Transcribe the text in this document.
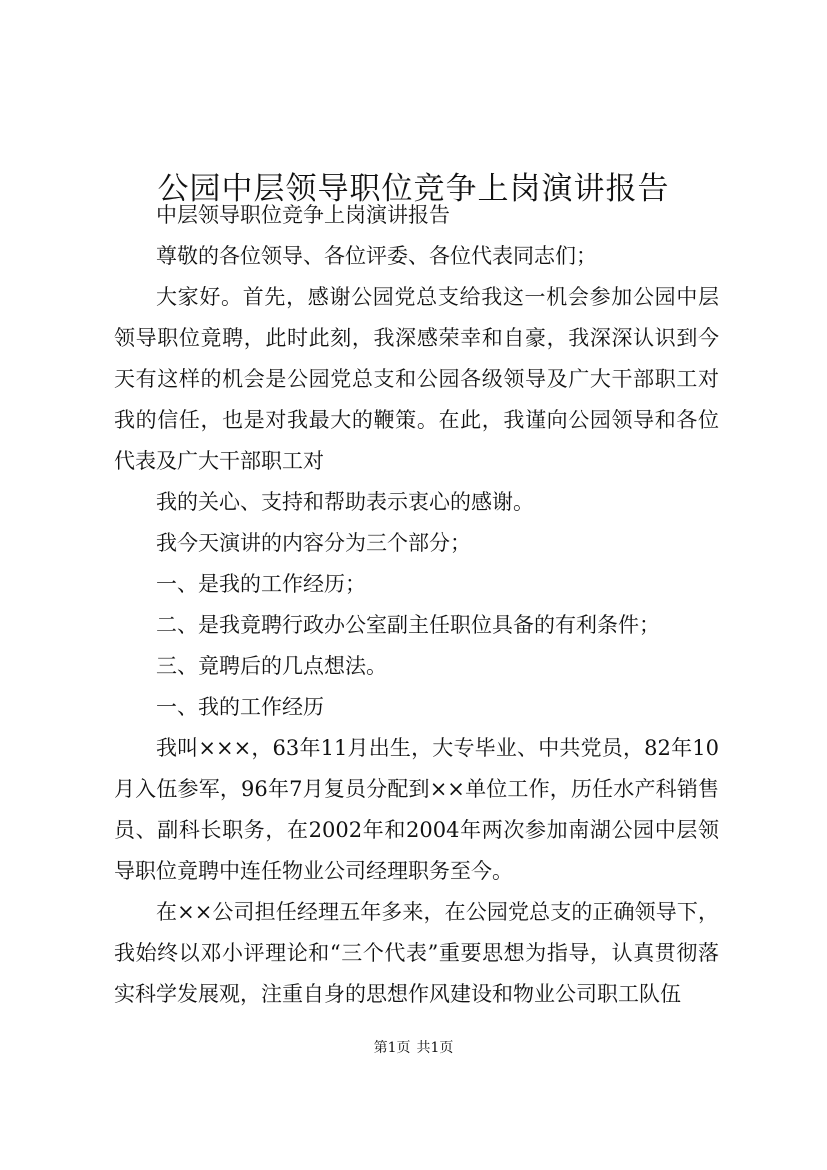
公园中层领导职位竞争上岗演讲报告

中层领导职位竞争上岗演讲报告

尊敬的各位领导、各位评委、各位代表同志们；

大家好。首先，感谢公园党总支给我这一机会参加公园中层领导职位竟聘，此时此刻，我深感荣幸和自豪，我深深认识到今天有这样的机会是公园党总支和公园各级领导及广大干部职工对我的信任，也是对我最大的鞭策。在此，我谨向公园领导和各位代表及广大干部职工对

我的关心、支持和帮助表示衷心的感谢。

我今天演讲的内容分为三个部分；

一、是我的工作经历；

二、是我竟聘行政办公室副主任职位具备的有利条件；

三、竟聘后的几点想法。

一、我的工作经历

我叫×××，63年11月出生，大专毕业、中共党员，82年10月入伍参军，96年7月复员分配到××单位工作，历任水产科销售员、副科长职务，在2002年和2004年两次参加南湖公园中层领导职位竟聘中连任物业公司经理职务至今。

在××公司担任经理五年多来，在公园党总支的正确领导下，我始终以邓小评理论和“三个代表”重要思想为指导，认真贯彻落实科学发展观，注重自身的思想作风建设和物业公司职工队伍

第1页 共1页
